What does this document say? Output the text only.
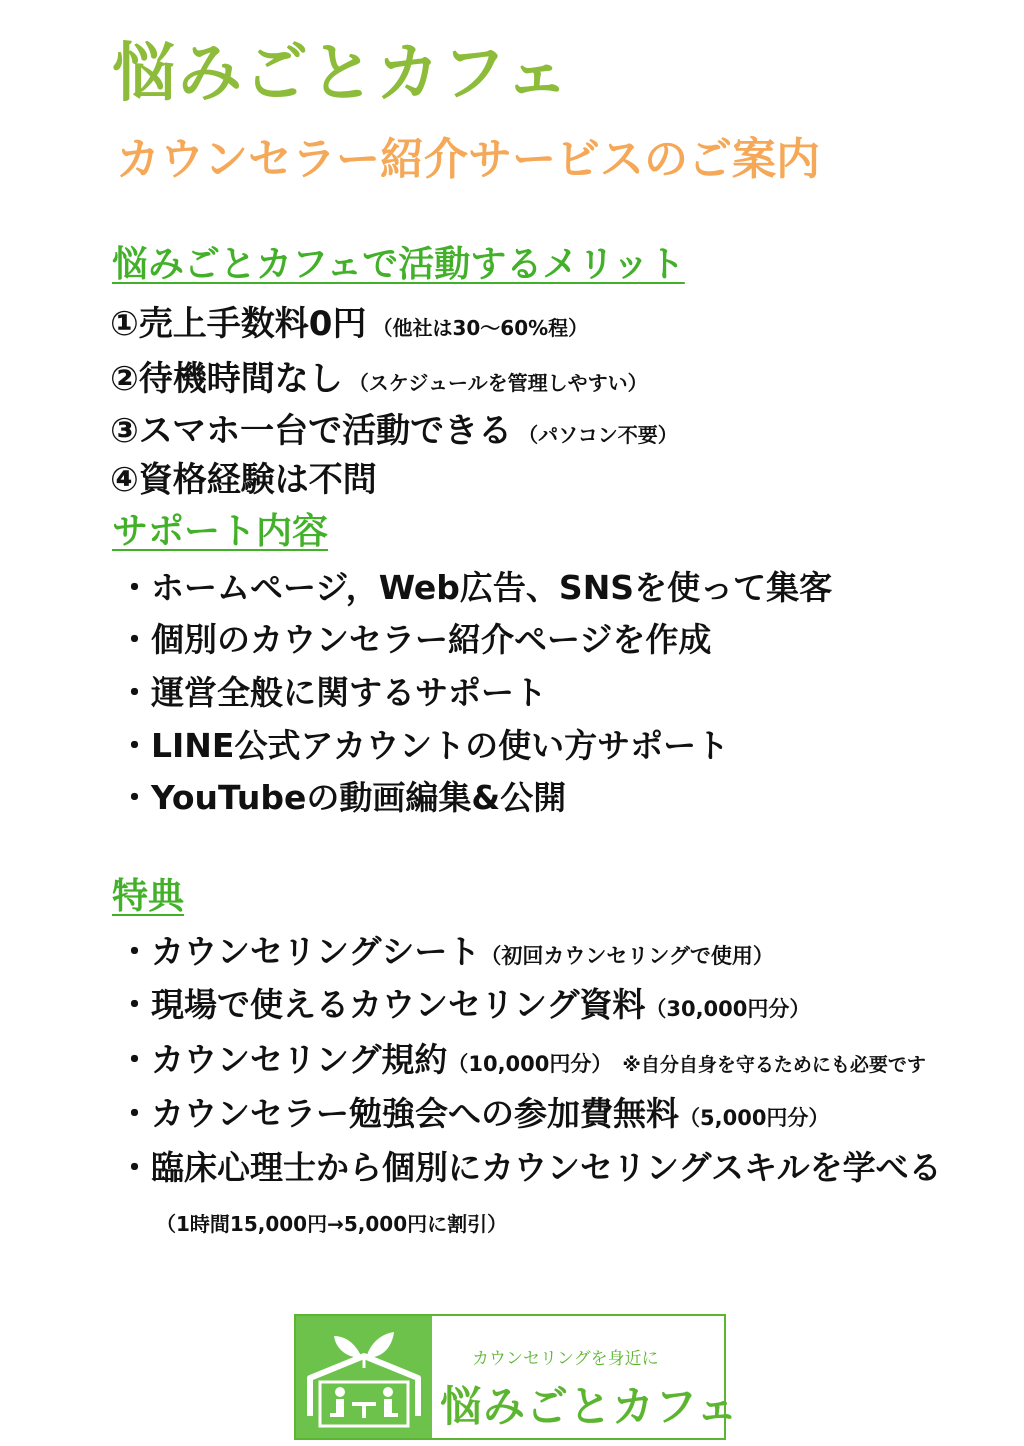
悩みごとカフェ
カウンセラー紹介サービスのご案内
悩みごとカフェで活動するメリット
①売上手数料0円 （他社は30〜60%程）
②待機時間なし （スケジュールを管理しやすい）
③スマホ一台で活動できる （パソコン不要）
④資格経験は不問
サポート内容
・ホームページ，Web広告、SNSを使って集客
・個別のカウンセラー紹介ページを作成
・運営全般に関するサポート
・LINE公式アカウントの使い方サポート
・YouTubeの動画編集&公開
特典
・カウンセリングシート（初回カウンセリングで使用）
・現場で使えるカウンセリング資料（30,000円分）
・カウンセリング規約（10,000円分） ※自分自身を守るためにも必要です
・カウンセラー勉強会への参加費無料（5,000円分）
・臨床心理士から個別にカウンセリングスキルを学べる
（1時間15,000円→5,000円に割引）
カウンセリングを身近に
悩みごとカフェ
